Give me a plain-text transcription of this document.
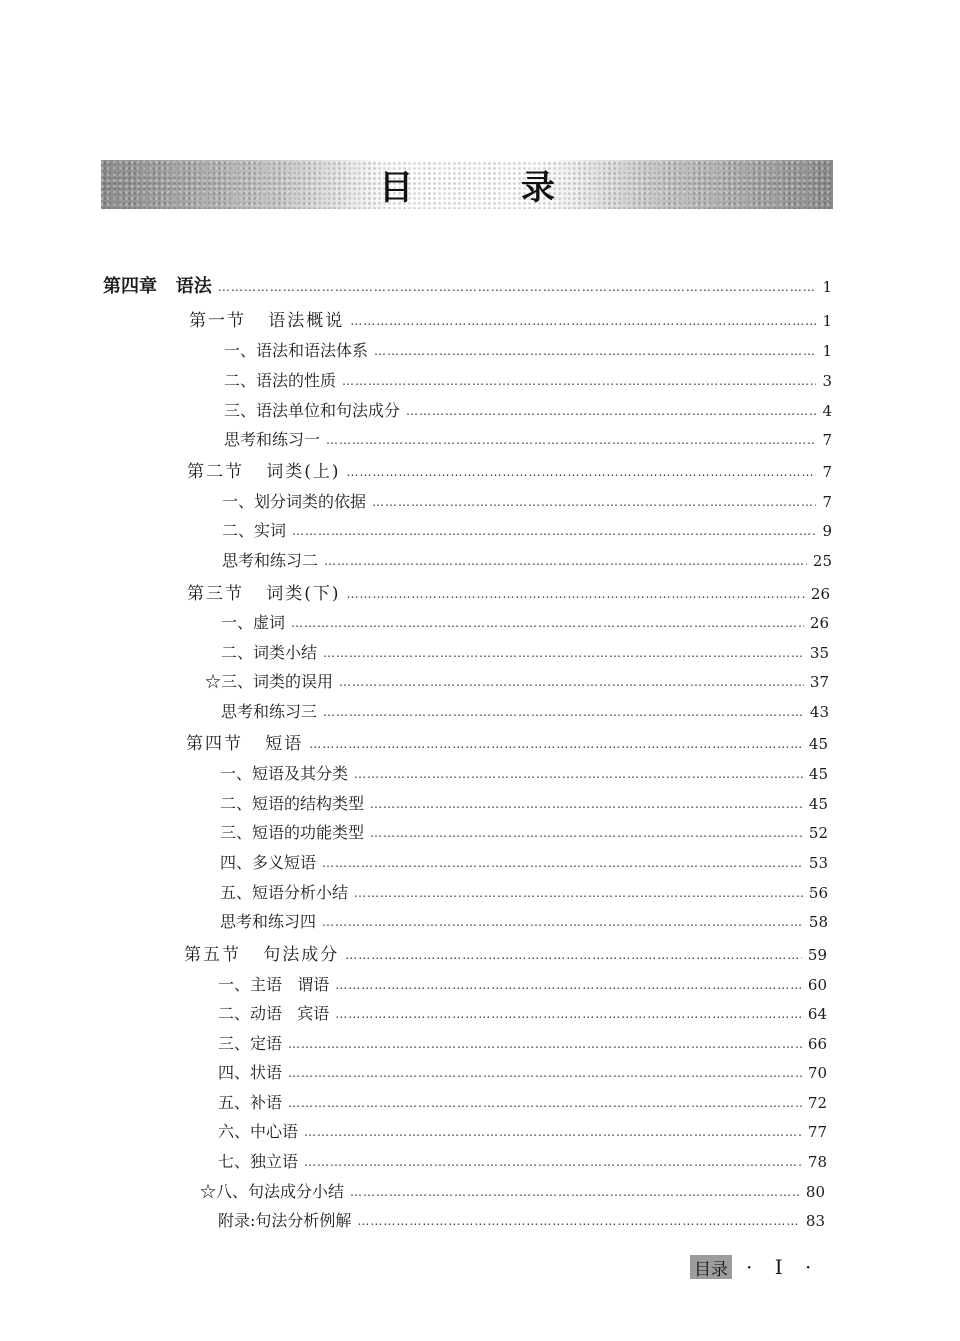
目 录
第四章   语法 ……………………………………………………………………………………………………………………………………………………………………………………………………	1
第一节   语法概说 ……………………………………………………………………………………………………………………………………………………………………………………………………	1
一、语法和语法体系 ……………………………………………………………………………………………………………………………………………………………………………………………………	1
二、语法的性质 ……………………………………………………………………………………………………………………………………………………………………………………………………	3
三、语法单位和句法成分 ……………………………………………………………………………………………………………………………………………………………………………………………………	4
思考和练习一 ……………………………………………………………………………………………………………………………………………………………………………………………………	7
第二节   词类(上) ……………………………………………………………………………………………………………………………………………………………………………………………………	7
一、划分词类的依据 ……………………………………………………………………………………………………………………………………………………………………………………………………	7
二、实词 ……………………………………………………………………………………………………………………………………………………………………………………………………	9
思考和练习二 ……………………………………………………………………………………………………………………………………………………………………………………………………	25
第三节   词类(下) ……………………………………………………………………………………………………………………………………………………………………………………………………	26
一、虚词 ……………………………………………………………………………………………………………………………………………………………………………………………………	26
二、词类小结 ……………………………………………………………………………………………………………………………………………………………………………………………………	35
☆三、词类的误用 ……………………………………………………………………………………………………………………………………………………………………………………………………	37
思考和练习三 ……………………………………………………………………………………………………………………………………………………………………………………………………	43
第四节   短语 ……………………………………………………………………………………………………………………………………………………………………………………………………	45
一、短语及其分类 ……………………………………………………………………………………………………………………………………………………………………………………………………	45
二、短语的结构类型 ……………………………………………………………………………………………………………………………………………………………………………………………………	45
三、短语的功能类型 ……………………………………………………………………………………………………………………………………………………………………………………………………	52
四、多义短语 ……………………………………………………………………………………………………………………………………………………………………………………………………	53
五、短语分析小结 ……………………………………………………………………………………………………………………………………………………………………………………………………	56
思考和练习四 ……………………………………………………………………………………………………………………………………………………………………………………………………	58
第五节   句法成分 ……………………………………………………………………………………………………………………………………………………………………………………………………	59
一、主语   谓语 ……………………………………………………………………………………………………………………………………………………………………………………………………	60
二、动语   宾语 ……………………………………………………………………………………………………………………………………………………………………………………………………	64
三、定语 ……………………………………………………………………………………………………………………………………………………………………………………………………	66
四、状语 ……………………………………………………………………………………………………………………………………………………………………………………………………	70
五、补语 ……………………………………………………………………………………………………………………………………………………………………………………………………	72
六、中心语 ……………………………………………………………………………………………………………………………………………………………………………………………………	77
七、独立语 ……………………………………………………………………………………………………………………………………………………………………………………………………	78
☆八、句法成分小结 ……………………………………………………………………………………………………………………………………………………………………………………………………	80
附录:句法分析例解 ……………………………………………………………………………………………………………………………………………………………………………………………………	83
目录 · I ·
